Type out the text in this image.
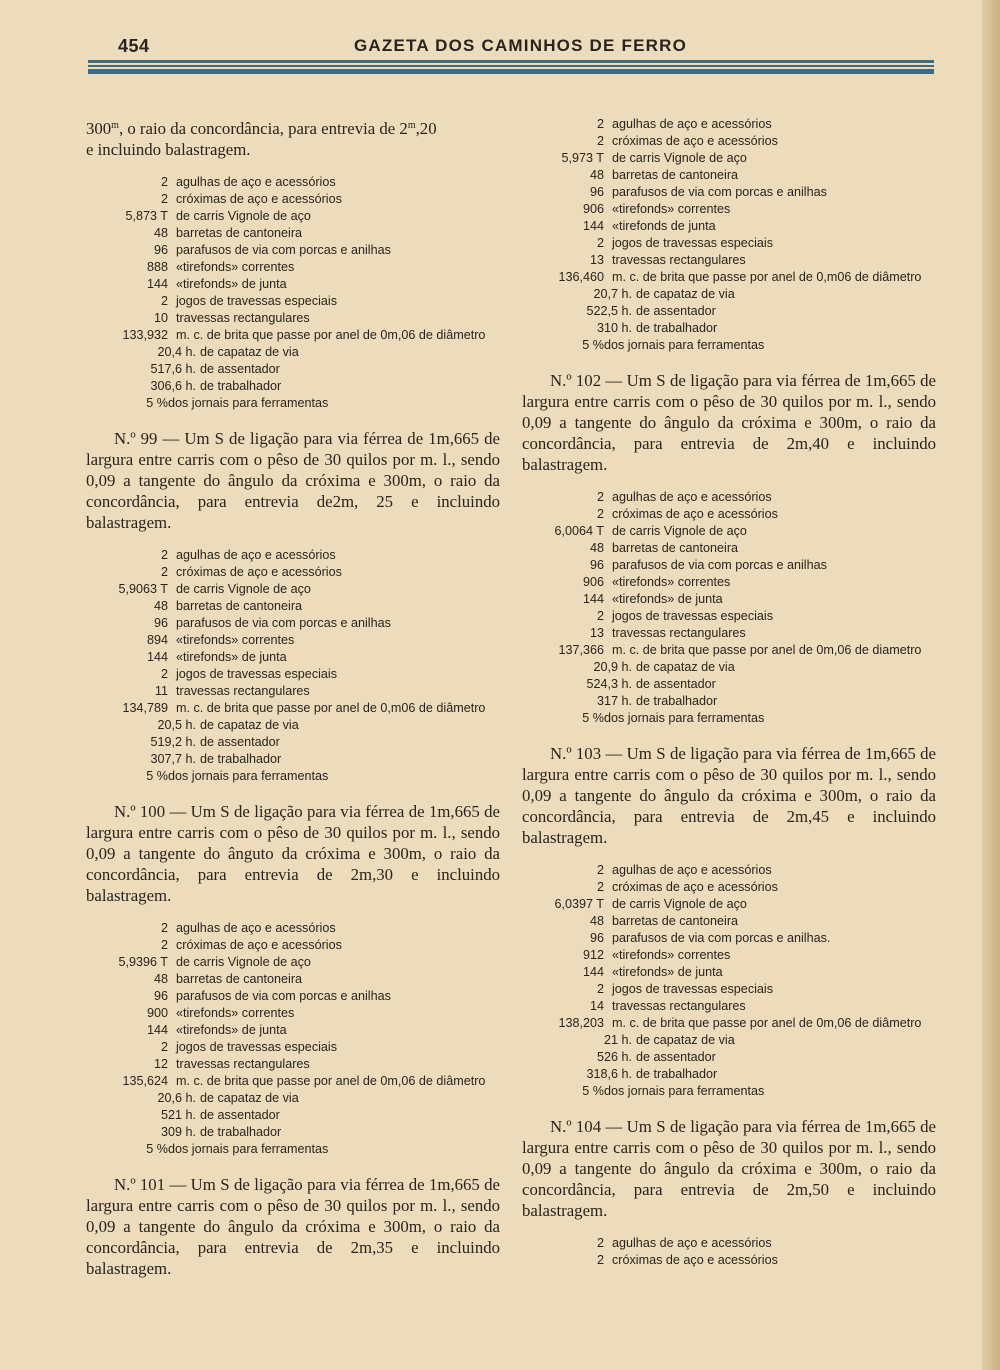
454	GAZETA DOS CAMINHOS DE FERRO

300$^m$, o raio da concordância, para entrevia de 2$^m$,20
e incluindo balastragem.

2 agulhas de aço e acessórios
2 cróximas de aço e acessórios
5,873 T de carris Vignole de aço
48 barretas de cantoneira
96 parafusos de via com porcas e anilhas
888 «tirefonds» correntes
144 «tirefonds» de junta
2 jogos de travessas especiais
10 travessas rectangulares
133,932 m. c. de brita que passe por anel de 0m,06 de diâmetro
20,4 h. de capataz de via
517,6 h. de assentador
306,6 h. de trabalhador
5 % dos jornais para ferramentas

N.º 99 — Um S de ligação para via férrea de 1m,665 de largura entre carris com o pêso de 30 quilos por m. l., sendo 0,09 a tangente do ângulo da cróxima e 300m, o raio da concordância, para entrevia de2m, 25 e incluindo balastragem.

2 agulhas de aço e acessórios
2 cróximas de aço e acessórios
5,9063 T de carris Vignole de aço
48 barretas de cantoneira
96 parafusos de via com porcas e anilhas
894 «tirefonds» correntes
144 «tirefonds» de junta
2 jogos de travessas especiais
11 travessas rectangulares
134,789 m. c. de brita que passe por anel de 0,m06 de diâmetro
20,5 h. de capataz de via
519,2 h. de assentador
307,7 h. de trabalhador
5 % dos jornais para ferramentas

N.º 100 — Um S de ligação para via férrea de 1m,665 de largura entre carris com o pêso de 30 quilos por m. l., sendo 0,09 a tangente do ânguto da cróxima e 300m, o raio da concordância, para entrevia de 2m,30 e incluindo balastragem.

2 agulhas de aço e acessórios
2 cróximas de aço e acessórios
5,9396 T de carris Vignole de aço
48 barretas de cantoneira
96 parafusos de via com porcas e anilhas
900 «tirefonds» correntes
144 «tirefonds» de junta
2 jogos de travessas especiais
12 travessas rectangulares
135,624 m. c. de brita que passe por anel de 0m,06 de diâmetro
20,6 h. de capataz de via
521 h. de assentador
309 h. de trabalhador
5 % dos jornais para ferramentas

N.º 101 — Um S de ligação para via férrea de 1m,665 de largura entre carris com o pêso de 30 quilos por m. l., sendo 0,09 a tangente do ângulo da cróxima e 300m, o raio da concordância, para entrevia de 2m,35 e incluindo balastragem.

2 agulhas de aço e acessórios
2 cróximas de aço e acessórios
5,973 T de carris Vignole de aço
48 barretas de cantoneira
96 parafusos de via com porcas e anilhas
906 «tirefonds» correntes
144 «tirefonds de junta
2 jogos de travessas especiais
13 travessas rectangulares
136,460 m. c. de brita que passe por anel de 0,m06 de diâmetro
20,7 h. de capataz de via
522,5 h. de assentador
310 h. de trabalhador
5 % dos jornais para ferramentas

N.º 102 — Um S de ligação para via férrea de 1m,665 de largura entre carris com o pêso de 30 quilos por m. l., sendo 0,09 a tangente do ângulo da cróxima e 300m, o raio da concordância, para entrevia de 2m,40 e incluindo balastragem.

2 agulhas de aço e acessórios
2 cróximas de aço e acessórios
6,0064 T de carris Vignole de aço
48 barretas de cantoneira
96 parafusos de via com porcas e anilhas
906 «tirefonds» correntes
144 «tirefonds» de junta
2 jogos de travessas especiais
13 travessas rectangulares
137,366 m. c. de brita que passe por anel de 0m,06 de diametro
20,9 h. de capataz de via
524,3 h. de assentador
317 h. de trabalhador
5 % dos jornais para ferramentas

N.º 103 — Um S de ligação para via férrea de 1m,665 de largura entre carris com o pêso de 30 quilos por m. l., sendo 0,09 a tangente do ângulo da cróxima e 300m, o raio da concordância, para entrevia de 2m,45 e incluindo balastragem.

2 agulhas de aço e acessórios
2 cróximas de aço e acessórios
6,0397 T de carris Vignole de aço
48 barretas de cantoneira
96 parafusos de via com porcas e anilhas.
912 «tirefonds» correntes
144 «tirefonds» de junta
2 jogos de travessas especiais
14 travessas rectangulares
138,203 m. c. de brita que passe por anel de 0m,06 de diâmetro
21 h. de capataz de via
526 h. de assentador
318,6 h. de trabalhador
5 % dos jornais para ferramentas

N.º 104 — Um S de ligação para via férrea de 1m,665 de largura entre carris com o pêso de 30 quilos por m. l., sendo 0,09 a tangente do ângulo da cróxima e 300m, o raio da concordância, para entrevia de 2m,50 e incluindo balastragem.

2 agulhas de aço e acessórios
2 cróximas de aço e acessórios
